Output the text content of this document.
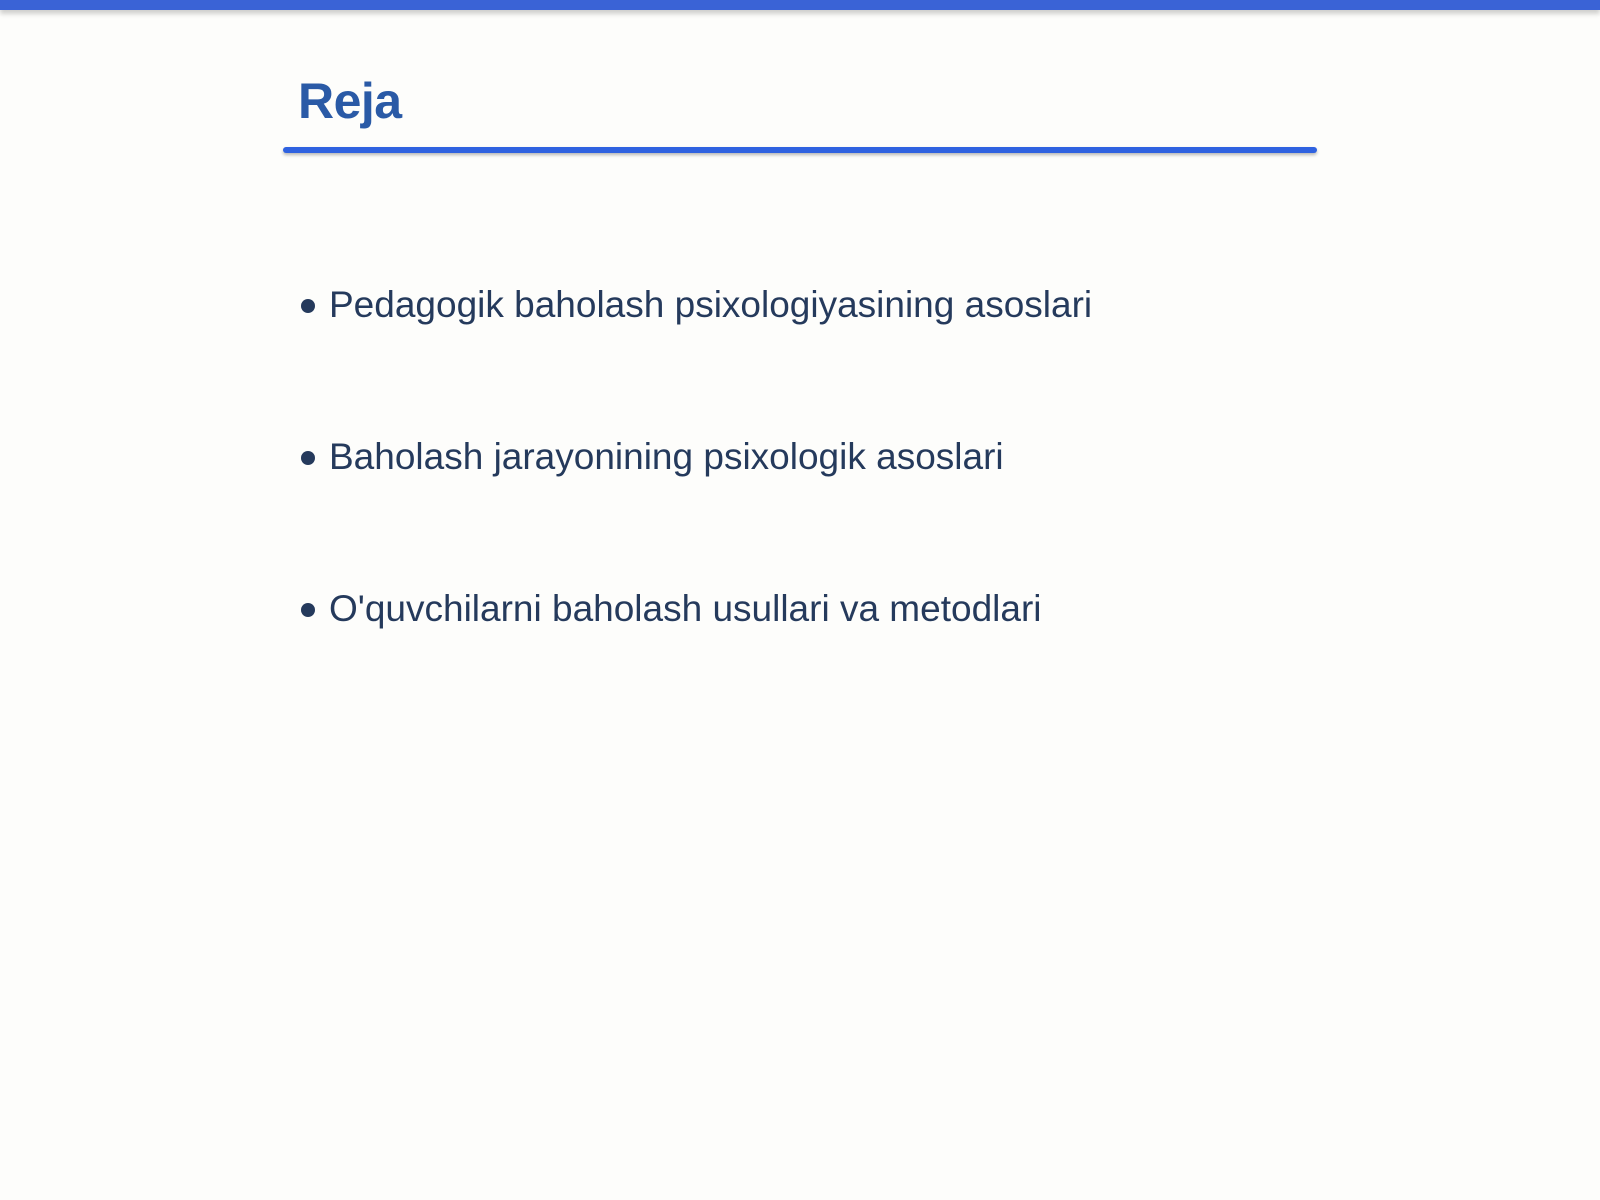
Reja
Pedagogik baholash psixologiyasining asoslari
Baholash jarayonining psixologik asoslari
O'quvchilarni baholash usullari va metodlari
